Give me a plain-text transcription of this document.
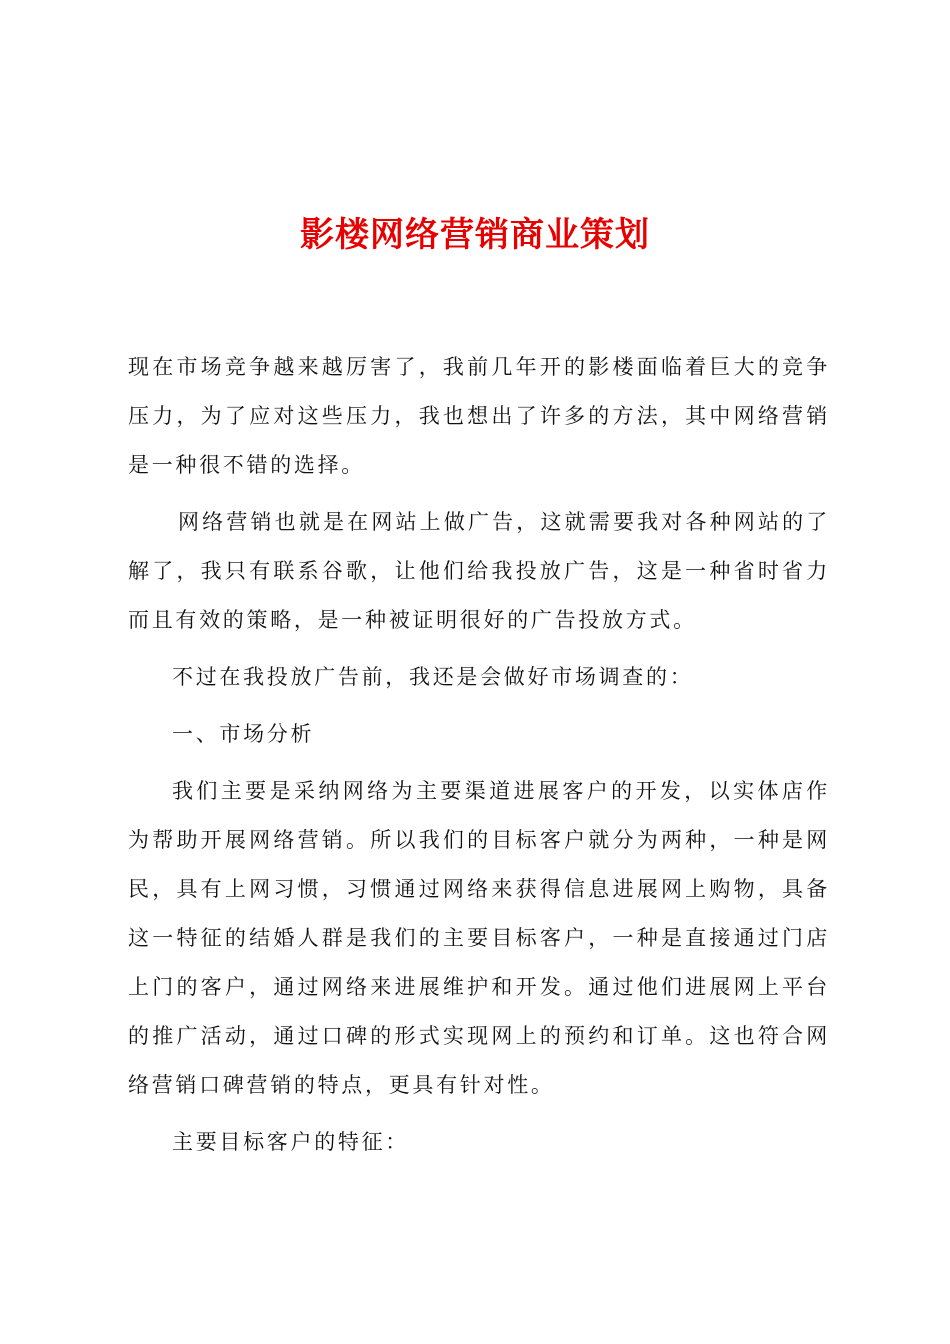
影楼网络营销商业策划

现在市场竞争越来越厉害了，我前几年开的影楼面临着巨大的竞争压力，为了应对这些压力，我也想出了许多的方法，其中网络营销是一种很不错的选择。

网络营销也就是在网站上做广告，这就需要我对各种网站的了解了，我只有联系谷歌，让他们给我投放广告，这是一种省时省力而且有效的策略，是一种被证明很好的广告投放方式。

不过在我投放广告前，我还是会做好市场调查的：

一、市场分析

我们主要是采纳网络为主要渠道进展客户的开发，以实体店作为帮助开展网络营销。所以我们的目标客户就分为两种，一种是网民，具有上网习惯，习惯通过网络来获得信息进展网上购物，具备这一特征的结婚人群是我们的主要目标客户，一种是直接通过门店上门的客户，通过网络来进展维护和开发。通过他们进展网上平台的推广活动，通过口碑的形式实现网上的预约和订单。这也符合网络营销口碑营销的特点，更具有针对性。

主要目标客户的特征：
